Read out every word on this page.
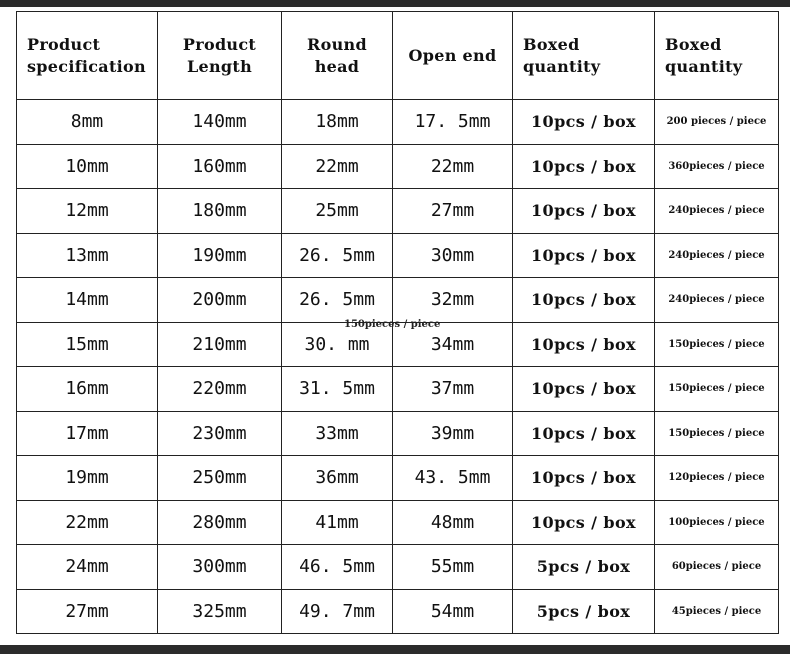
Product specification	Product Length	Round head	Open end	Boxed quantity	Boxed quantity
8mm	140mm	18mm	17. 5mm	10pcs / box	200 pieces / piece
10mm	160mm	22mm	22mm	10pcs / box	360pieces / piece
12mm	180mm	25mm	27mm	10pcs / box	240pieces / piece
13mm	190mm	26. 5mm	30mm	10pcs / box	240pieces / piece
14mm	200mm	26. 5mm	32mm	10pcs / box	240pieces / piece
15mm	210mm	30. mm	34mm	10pcs / box	150pieces / piece
16mm	220mm	31. 5mm	37mm	10pcs / box	150pieces / piece
17mm	230mm	33mm	39mm	10pcs / box	150pieces / piece
19mm	250mm	36mm	43. 5mm	10pcs / box	120pieces / piece
22mm	280mm	41mm	48mm	10pcs / box	100pieces / piece
24mm	300mm	46. 5mm	55mm	5pcs / box	60pieces / piece
27mm	325mm	49. 7mm	54mm	5pcs / box	45pieces / piece
150pieces / piece
